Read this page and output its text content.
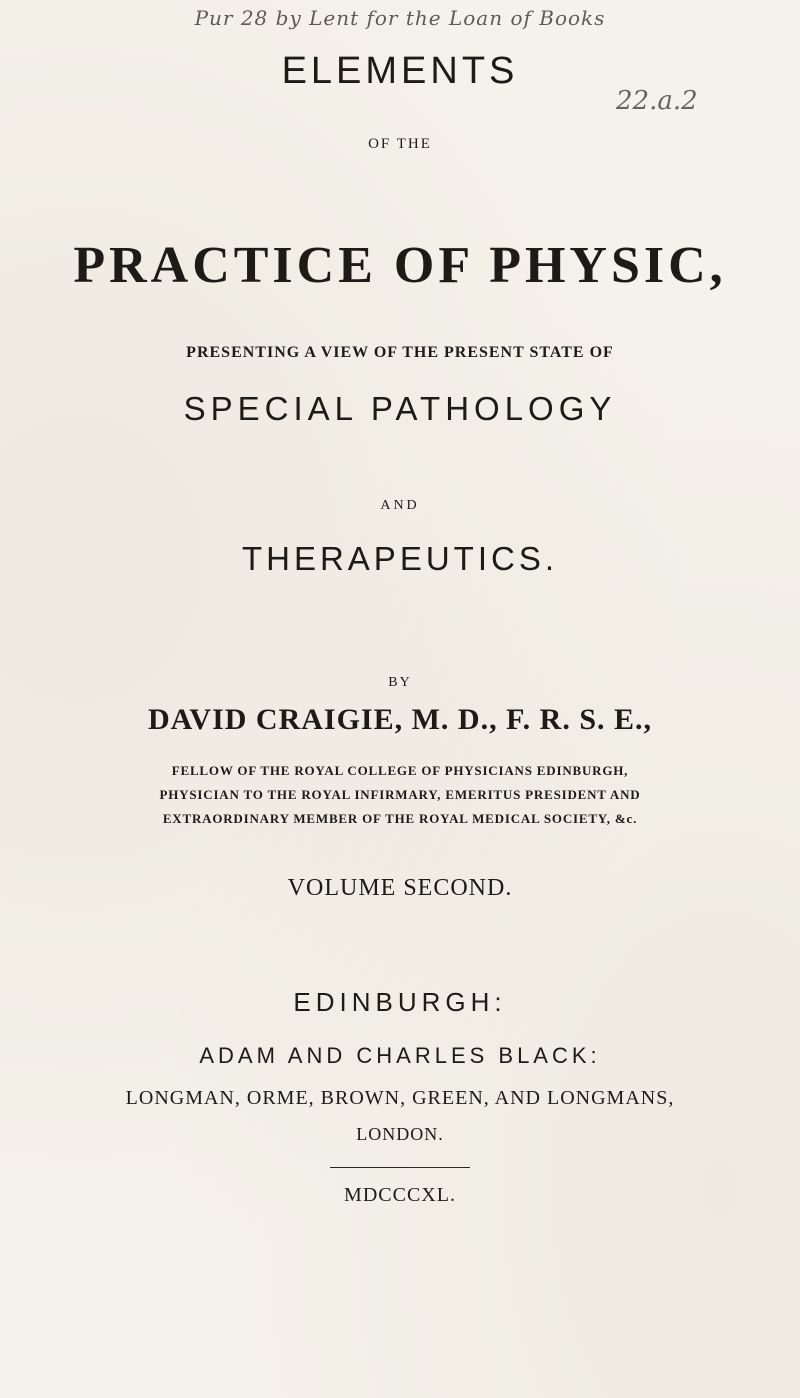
Pur 28 by Lent for the Loan of Books
22.a.2
ELEMENTS
OF THE
PRACTICE OF PHYSIC,
PRESENTING A VIEW OF THE PRESENT STATE OF
SPECIAL PATHOLOGY
AND
THERAPEUTICS.
BY
DAVID CRAIGIE, M. D., F. R. S. E.,
FELLOW OF THE ROYAL COLLEGE OF PHYSICIANS EDINBURGH,
PHYSICIAN TO THE ROYAL INFIRMARY, EMERITUS PRESIDENT AND
EXTRAORDINARY MEMBER OF THE ROYAL MEDICAL SOCIETY, &c.
VOLUME SECOND.
EDINBURGH:
ADAM AND CHARLES BLACK:
LONGMAN, ORME, BROWN, GREEN, AND LONGMANS,
LONDON.
MDCCCXL.
